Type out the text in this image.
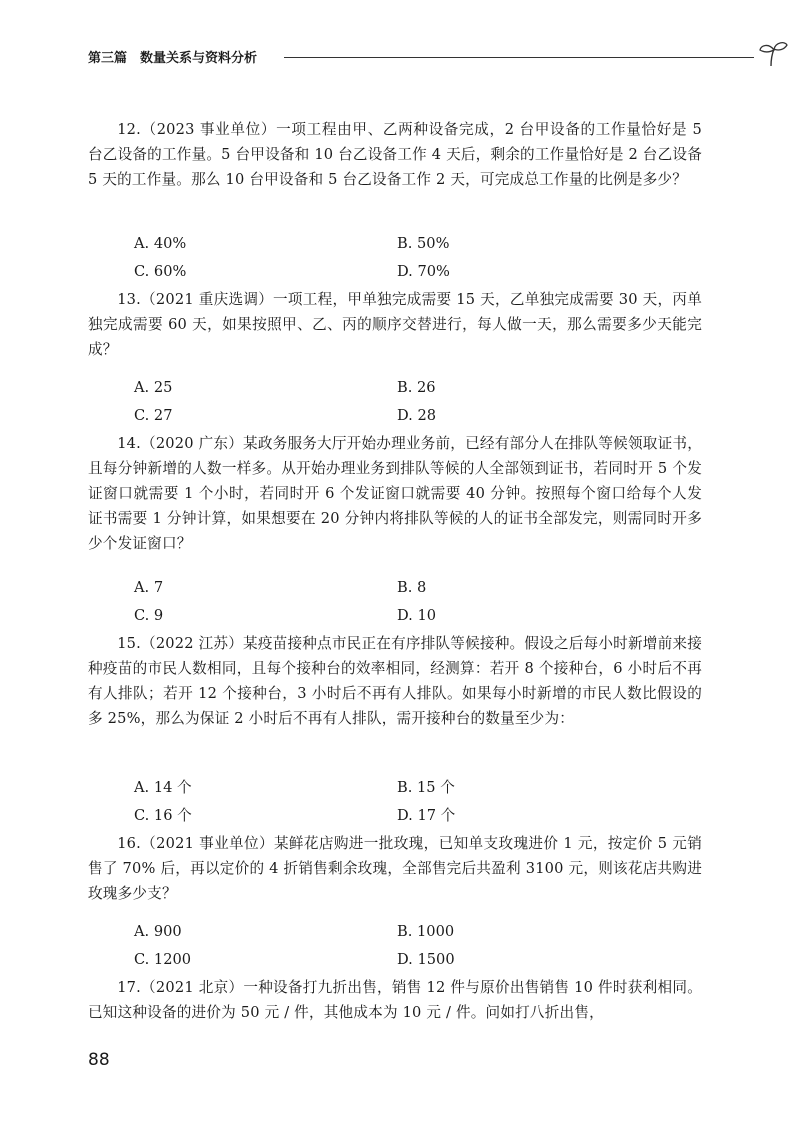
第三篇　数量关系与资料分析
12.（2023 事业单位）一项工程由甲、乙两种设备完成，2 台甲设备的工作量恰好是 5 台乙设备的工作量。5 台甲设备和 10 台乙设备工作 4 天后，剩余的工作量恰好是 2 台乙设备 5 天的工作量。那么 10 台甲设备和 5 台乙设备工作 2 天，可完成总工作量的比例是多少？
A. 40%	B. 50%
C. 60%	D. 70%
13.（2021 重庆选调）一项工程，甲单独完成需要 15 天，乙单独完成需要 30 天，丙单独完成需要 60 天，如果按照甲、乙、丙的顺序交替进行，每人做一天，那么需要多少天能完成？
A. 25	B. 26
C. 27	D. 28
14.（2020 广东）某政务服务大厅开始办理业务前，已经有部分人在排队等候领取证书，且每分钟新增的人数一样多。从开始办理业务到排队等候的人全部领到证书，若同时开 5 个发证窗口就需要 1 个小时，若同时开 6 个发证窗口就需要 40 分钟。按照每个窗口给每个人发证书需要 1 分钟计算，如果想要在 20 分钟内将排队等候的人的证书全部发完，则需同时开多少个发证窗口？
A. 7	B. 8
C. 9	D. 10
15.（2022 江苏）某疫苗接种点市民正在有序排队等候接种。假设之后每小时新增前来接种疫苗的市民人数相同，且每个接种台的效率相同，经测算：若开 8 个接种台，6 小时后不再有人排队；若开 12 个接种台，3 小时后不再有人排队。如果每小时新增的市民人数比假设的多 25%，那么为保证 2 小时后不再有人排队，需开接种台的数量至少为：
A. 14 个	B. 15 个
C. 16 个	D. 17 个
16.（2021 事业单位）某鲜花店购进一批玫瑰，已知单支玫瑰进价 1 元，按定价 5 元销售了 70% 后，再以定价的 4 折销售剩余玫瑰，全部售完后共盈利 3100 元，则该花店共购进玫瑰多少支？
A. 900	B. 1000
C. 1200	D. 1500
17.（2021 北京）一种设备打九折出售，销售 12 件与原价出售销售 10 件时获利相同。已知这种设备的进价为 50 元 / 件，其他成本为 10 元 / 件。问如打八折出售，
88
